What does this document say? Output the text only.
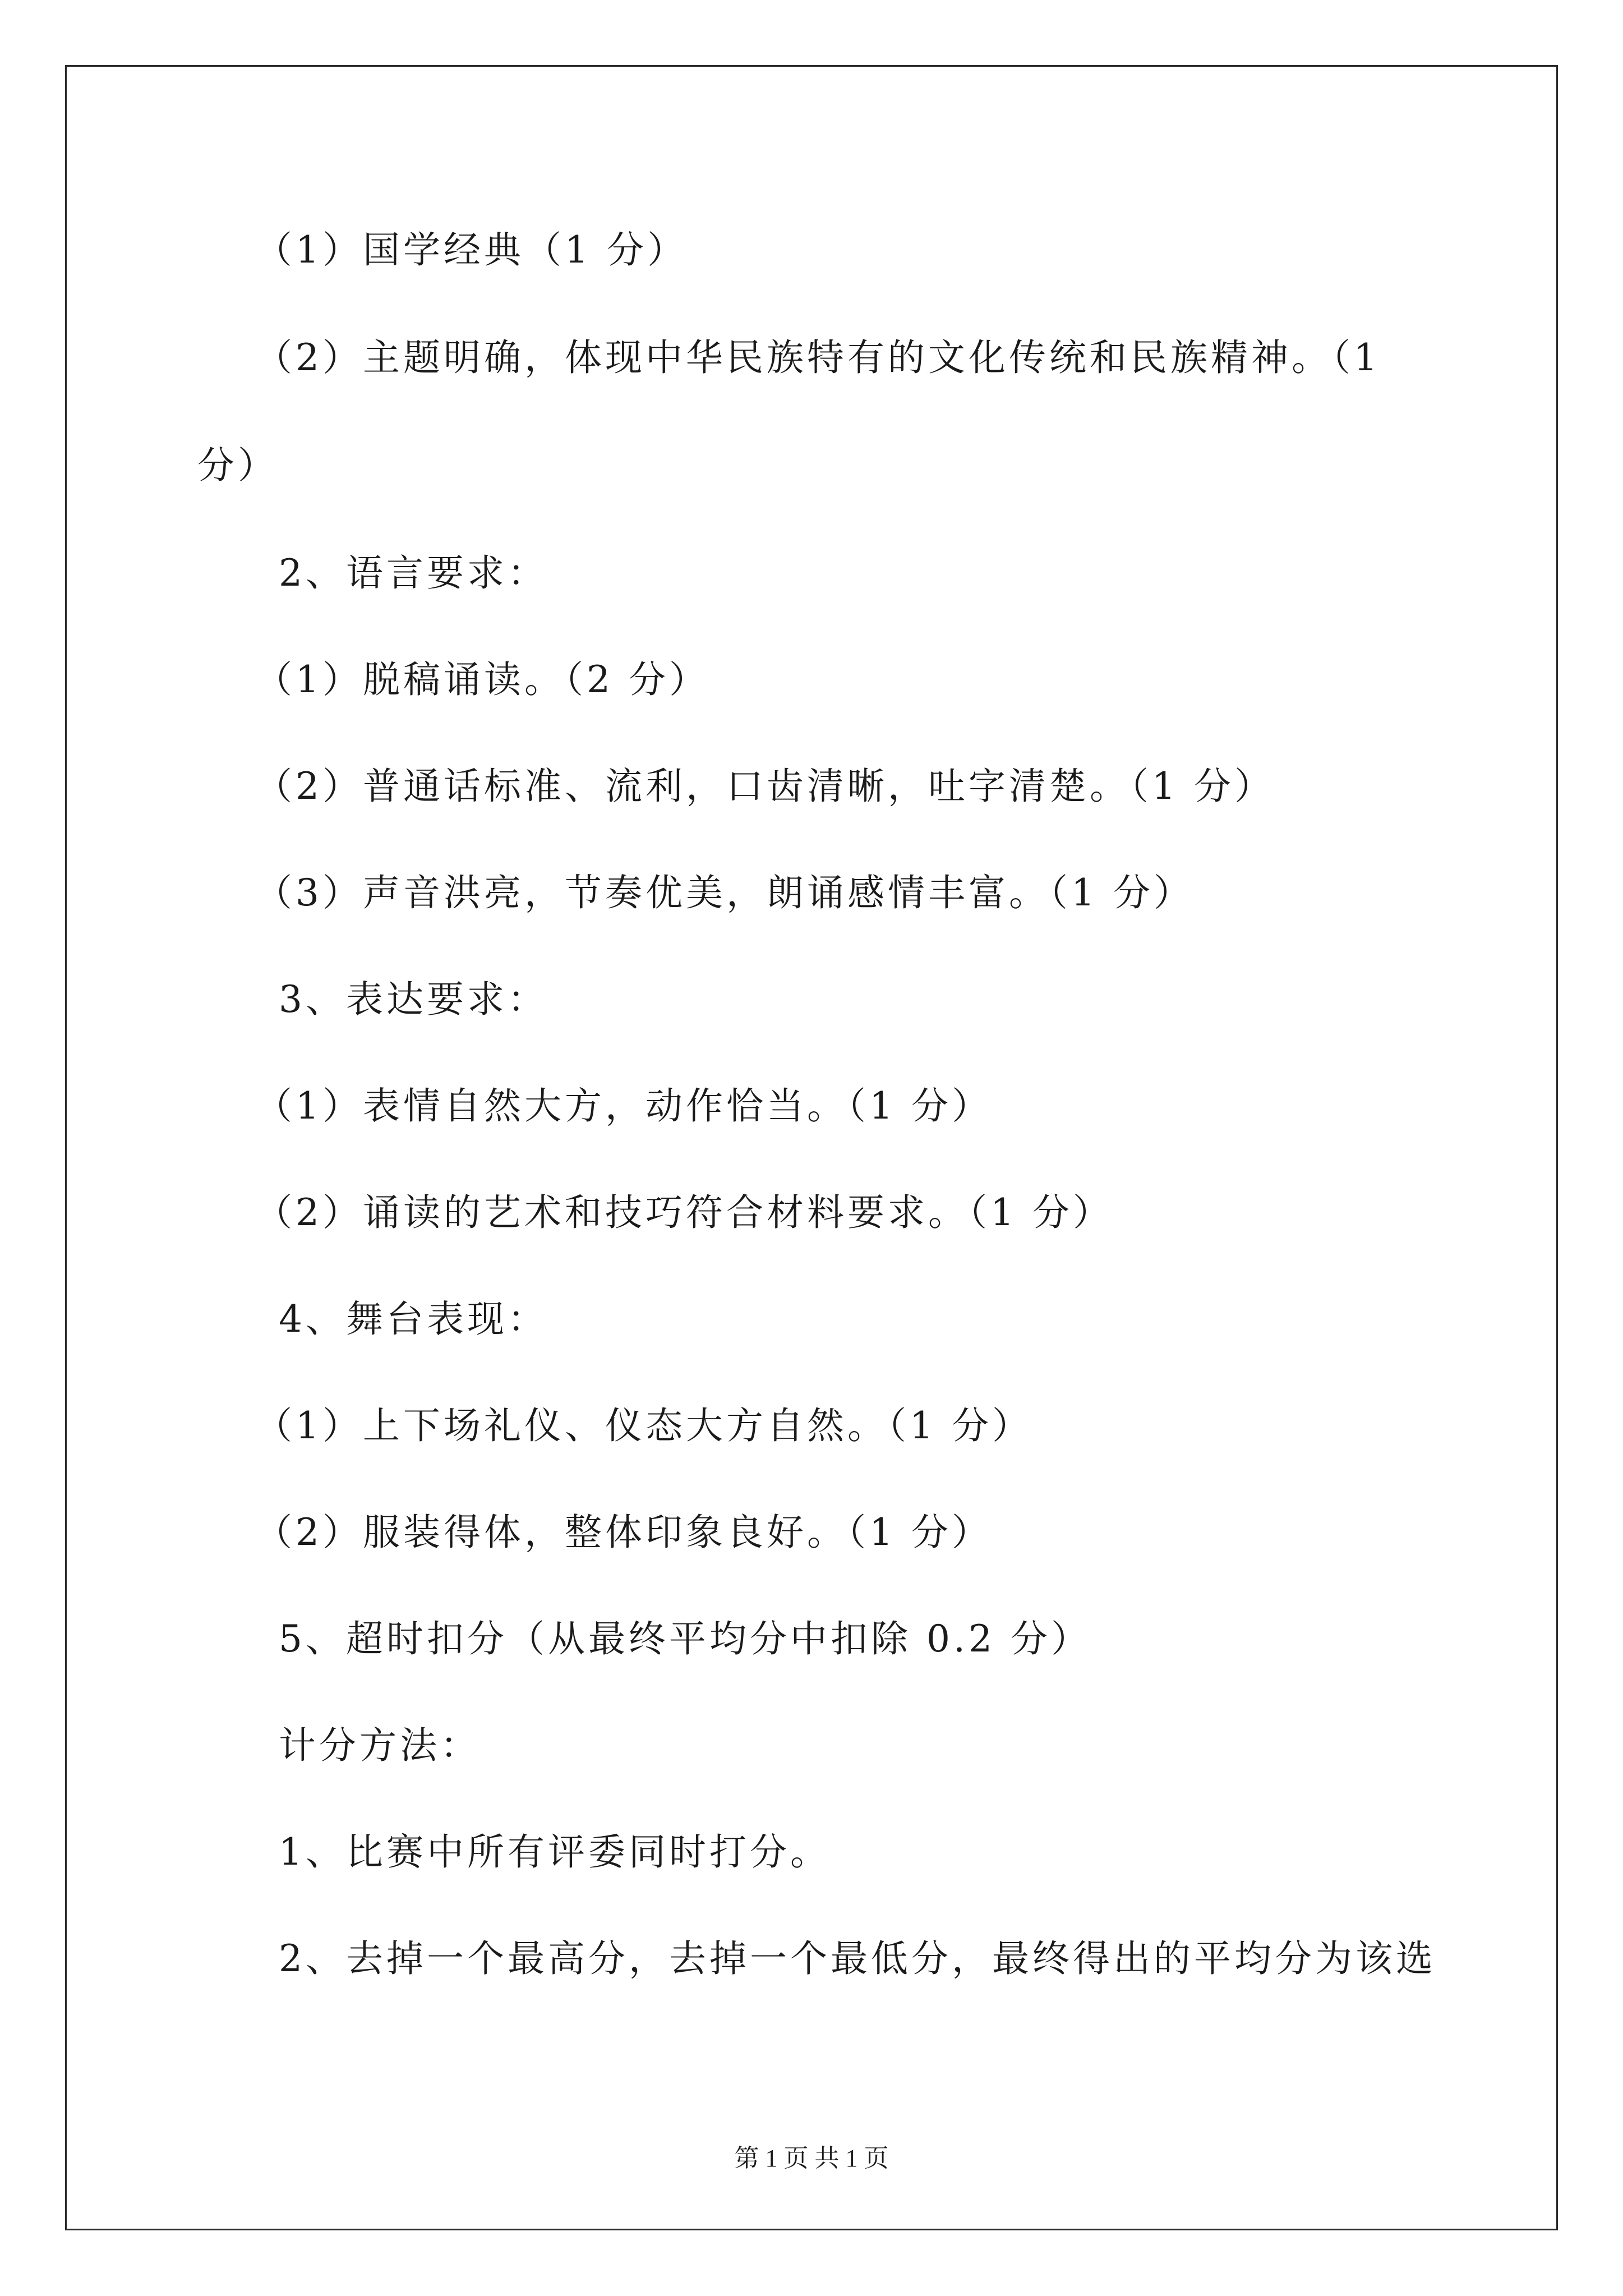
（1）国学经典（1 分）
（2）主题明确，体现中华民族特有的文化传统和民族精神。（1
分）
2、语言要求：
（1）脱稿诵读。（2 分）
（2）普通话标准、流利，口齿清晰，吐字清楚。（1 分）
（3）声音洪亮，节奏优美，朗诵感情丰富。（1 分）
3、表达要求：
（1）表情自然大方，动作恰当。（1 分）
（2）诵读的艺术和技巧符合材料要求。（1 分）
4、舞台表现：
（1）上下场礼仪、仪态大方自然。（1 分）
（2）服装得体，整体印象良好。（1 分）
5、超时扣分（从最终平均分中扣除 0.2 分）
计分方法：
1、比赛中所有评委同时打分。
2、去掉一个最高分，去掉一个最低分，最终得出的平均分为该选
第 1 页 共 1 页
